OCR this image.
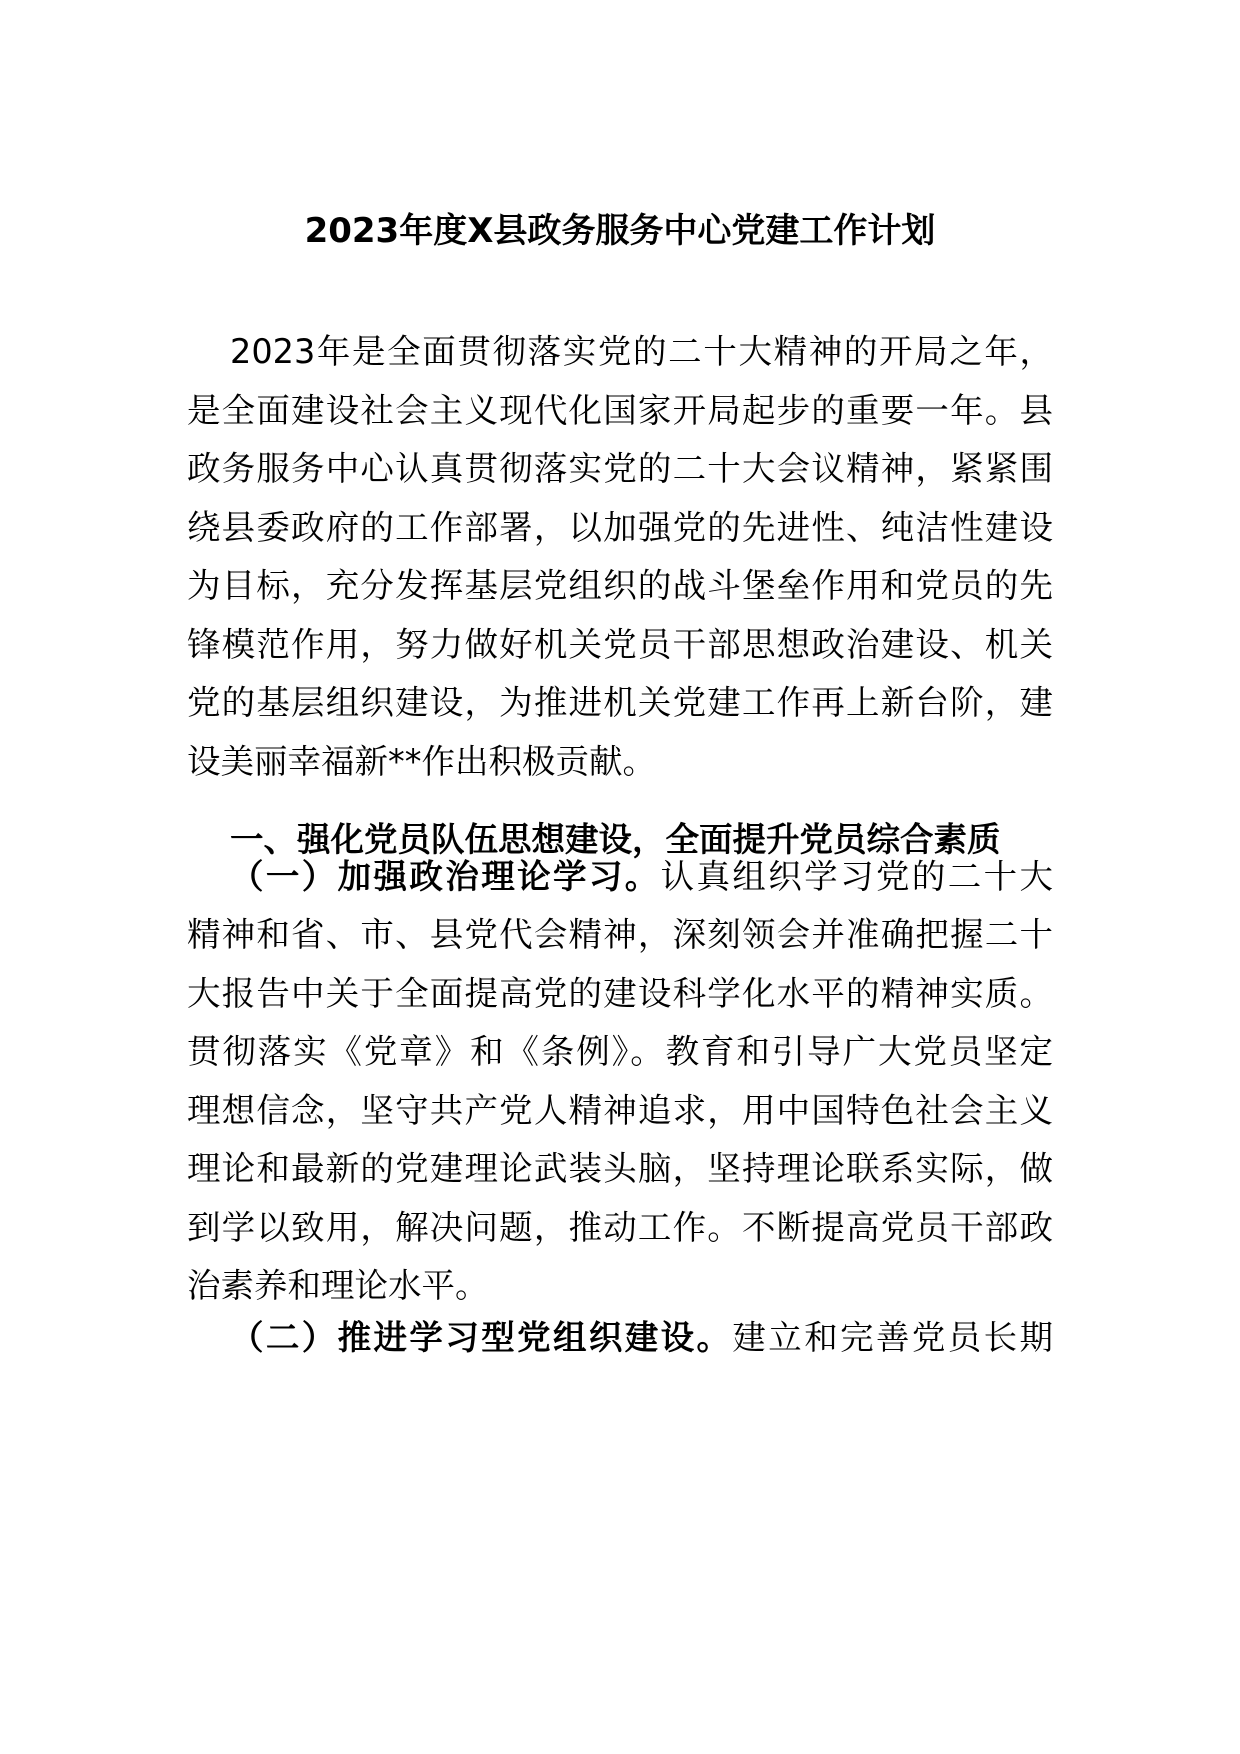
2023年度X县政务服务中心党建工作计划
2023年是全面贯彻落实党的二十大精神的开局之年，
是全面建设社会主义现代化国家开局起步的重要一年。县
政务服务中心认真贯彻落实党的二十大会议精神，紧紧围
绕县委政府的工作部署，以加强党的先进性、纯洁性建设
为目标，充分发挥基层党组织的战斗堡垒作用和党员的先
锋模范作用，努力做好机关党员干部思想政治建设、机关
党的基层组织建设，为推进机关党建工作再上新台阶，建
设美丽幸福新**作出积极贡献。
一、强化党员队伍思想建设，全面提升党员综合素质
（一）加强政治理论学习。认真组织学习党的二十大
精神和省、市、县党代会精神，深刻领会并准确把握二十
大报告中关于全面提高党的建设科学化水平的精神实质。
贯彻落实《党章》和《条例》。教育和引导广大党员坚定
理想信念，坚守共产党人精神追求，用中国特色社会主义
理论和最新的党建理论武装头脑，坚持理论联系实际，做
到学以致用，解决问题，推动工作。不断提高党员干部政
治素养和理论水平。
（二）推进学习型党组织建设。建立和完善党员长期
